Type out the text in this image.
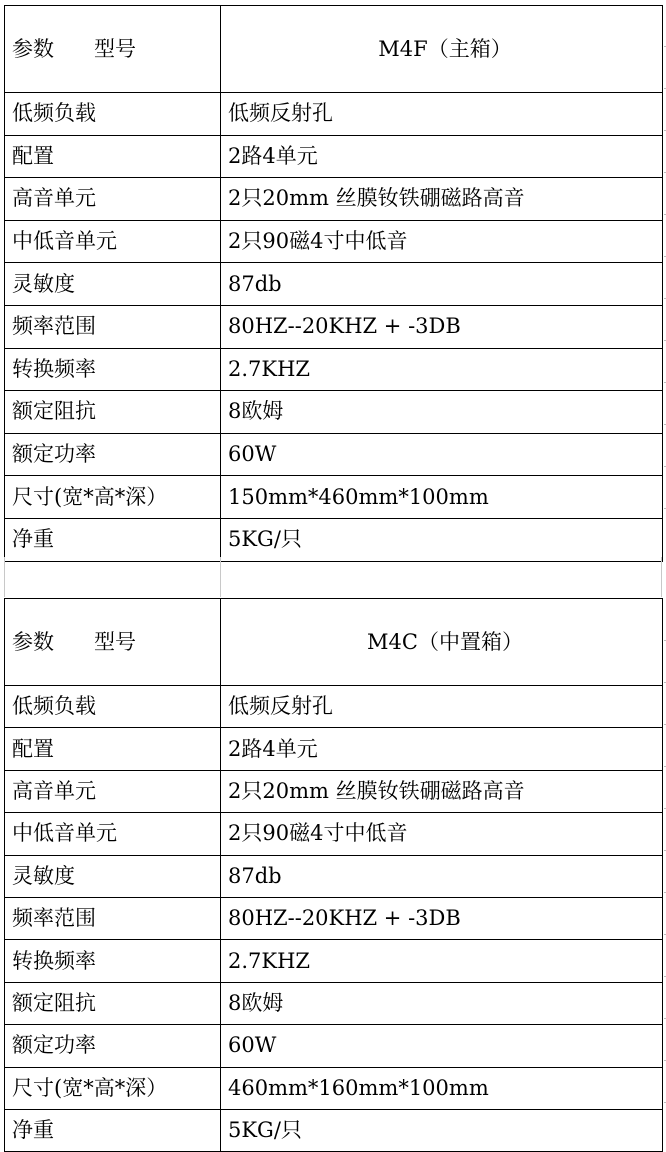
参数 型号	M4F（主箱）
低频负载	低频反射孔
配置	2路4单元
高音单元	2只20mm 丝膜钕铁硼磁路高音
中低音单元	2只90磁4寸中低音
灵敏度	87db
频率范围	80HZ--20KHZ + -3DB
转换频率	2.7KHZ
额定阻抗	8欧姆
额定功率	60W
尺寸(宽*高*深）	150mm*460mm*100mm
净重	5KG/只
参数 型号	M4C（中置箱）
低频负载	低频反射孔
配置	2路4单元
高音单元	2只20mm 丝膜钕铁硼磁路高音
中低音单元	2只90磁4寸中低音
灵敏度	87db
频率范围	80HZ--20KHZ + -3DB
转换频率	2.7KHZ
额定阻抗	8欧姆
额定功率	60W
尺寸(宽*高*深）	460mm*160mm*100mm
净重	5KG/只
